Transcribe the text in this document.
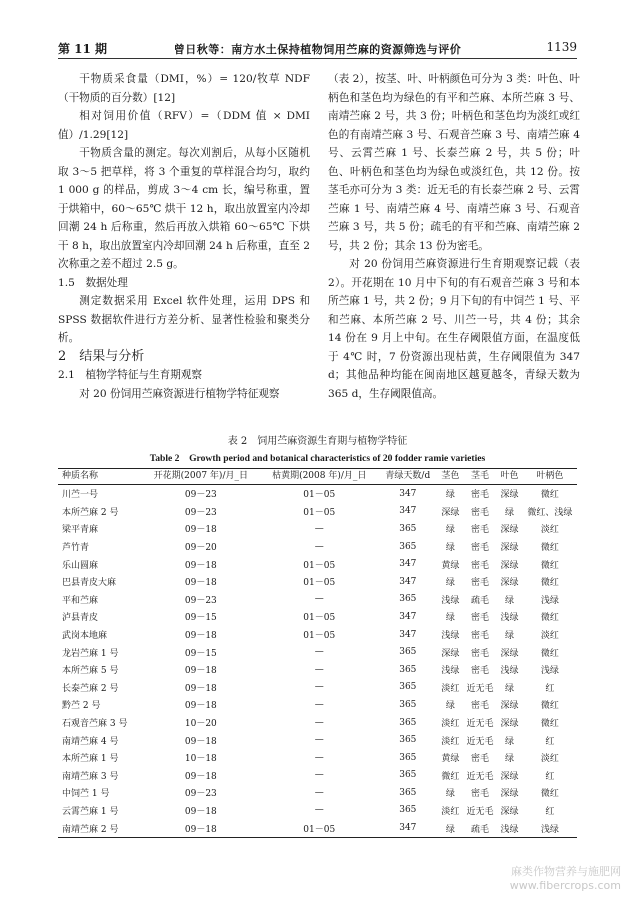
第 11 期	曾日秋等：南方水土保持植物饲用苎麻的资源筛选与评价	1139

干物质采食量（DMI，%）= 120/牧草 NDF（干物质的百分数）[12]

相对饲用价值（RFV）=（DDM 值 × DMI 值）/1.29[12]

干物质含量的测定。每次刈割后，从每小区随机取 3～5 把草样，将 3 个重复的草样混合均匀，取约 1 000 g 的样品，剪成 3～4 cm 长，编号称重，置于烘箱中，60～65℃ 烘干 12 h，取出放置室内冷却回潮 24 h 后称重，然后再放入烘箱 60～65℃ 下烘干 8 h，取出放置室内冷却回潮 24 h 后称重，直至 2 次称重之差不超过 2.5 g。

1.5　数据处理

测定数据采用 Excel 软件处理，运用 DPS 和 SPSS 数据软件进行方差分析、显著性检验和聚类分析。

2　结果与分析

2.1　植物学特征与生育期观察

对 20 份饲用苎麻资源进行植物学特征观察

（表 2），按茎、叶、叶柄颜色可分为 3 类：叶色、叶柄色和茎色均为绿色的有平和苎麻、本所苎麻 3 号、南靖苎麻 2 号，共 3 份；叶柄色和茎色均为淡红或红色的有南靖苎麻 3 号、石观音苎麻 3 号、南靖苎麻 4 号、云霄苎麻 1 号、长泰苎麻 2 号，共 5 份；叶色、叶柄色和茎色均为绿色或淡红色，共 12 份。按茎毛亦可分为 3 类：近无毛的有长泰苎麻 2 号、云霄苎麻 1 号、南靖苎麻 4 号、南靖苎麻 3 号、石观音苎麻 3 号，共 5 份；疏毛的有平和苎麻、南靖苎麻 2 号，共 2 份；其余 13 份为密毛。

对 20 份饲用苎麻资源进行生育期观察记载（表 2）。开花期在 10 月中下旬的有石观音苎麻 3 号和本所苎麻 1 号，共 2 份；9 月下旬的有中饲苎 1 号、平和苎麻、本所苎麻 2 号、川苎一号，共 4 份；其余 14 份在 9 月上中旬。在生存阈限值方面，在温度低于 4℃ 时，7 份资源出现枯黄，生存阈限值为 347 d；其他品种均能在闽南地区越夏越冬，青绿天数为 365 d，生存阈限值高。

表 2　饲用苎麻资源生育期与植物学特征
Table 2　Growth period and botanical characteristics of 20 fodder ramie varieties
种质名称	开花期(2007 年)/月_日	枯黄期(2008 年)/月_日	青绿天数/d	茎色	茎毛	叶色	叶柄色
川苎一号	09－23	01－05	347	绿	密毛	深绿	微红
本所苎麻 2 号	09－23	01－05	347	深绿	密毛	绿	微红、浅绿
梁平青麻	09－18	—	365	绿	密毛	深绿	淡红
芦竹青	09－20	—	365	绿	密毛	深绿	微红
乐山圆麻	09－18	01－05	347	黄绿	密毛	深绿	微红
巴县青皮大麻	09－18	01－05	347	绿	密毛	深绿	微红
平和苎麻	09－23	—	365	浅绿	疏毛	绿	浅绿
泸县青皮	09－15	01－05	347	绿	密毛	浅绿	微红
武岗本地麻	09－18	01－05	347	浅绿	密毛	绿	淡红
龙岩苎麻 1 号	09－15	—	365	深绿	密毛	深绿	微红
本所苎麻 5 号	09－18	—	365	浅绿	密毛	浅绿	浅绿
长泰苎麻 2 号	09－18	—	365	淡红	近无毛	绿	红
黔苎 2 号	09－18	—	365	绿	密毛	深绿	微红
石观音苎麻 3 号	10－20	—	365	淡红	近无毛	深绿	微红
南靖苎麻 4 号	09－18	—	365	淡红	近无毛	绿	红
本所苎麻 1 号	10－18	—	365	黄绿	密毛	绿	淡红
南靖苎麻 3 号	09－18	—	365	微红	近无毛	深绿	红
中饲苎 1 号	09－23	—	365	绿	密毛	深绿	微红
云霄苎麻 1 号	09－18	—	365	淡红	近无毛	深绿	红
南靖苎麻 2 号	09－18	01－05	347	绿	疏毛	浅绿	浅绿
麻类作物营养与施肥网
www.fibercrops.com
